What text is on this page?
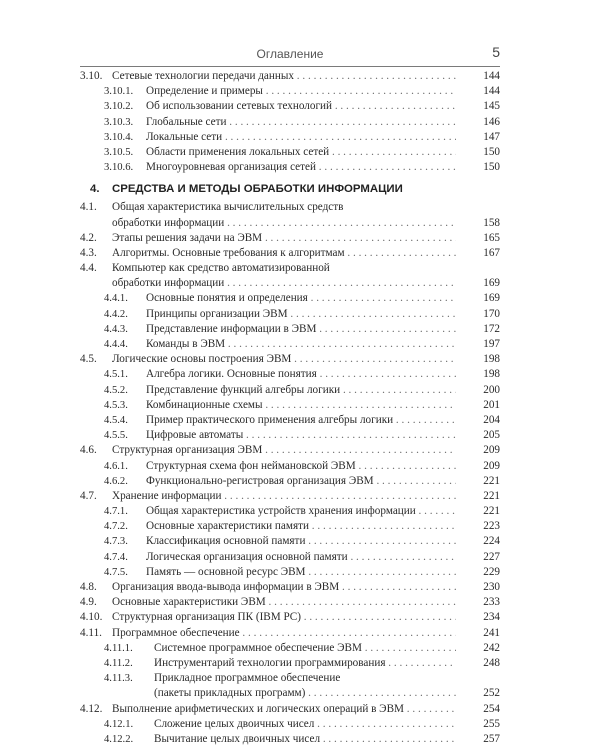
Оглавление	5
3.10. Сетевые технологии передачи данных . . .	144
3.10.1. Определение и примеры . . .	144
3.10.2. Об использовании сетевых технологий . . .	145
3.10.3. Глобальные сети . . .	146
3.10.4. Локальные сети . . .	147
3.10.5. Области применения локальных сетей . . .	150
3.10.6. Многоуровневая организация сетей . . .	150
4. СРЕДСТВА И МЕТОДЫ ОБРАБОТКИ ИНФОРМАЦИИ
4.1. Общая характеристика вычислительных средств
обработки информации . . .	158
4.2. Этапы решения задачи на ЭВМ . . .	165
4.3. Алгоритмы. Основные требования к алгоритмам . . .	167
4.4. Компьютер как средство автоматизированной
обработки информации . . .	169
4.4.1. Основные понятия и определения . . .	169
4.4.2. Принципы организации ЭВМ . . .	170
4.4.3. Представление информации в ЭВМ . . .	172
4.4.4. Команды в ЭВМ . . .	197
4.5. Логические основы построения ЭВМ . . .	198
4.5.1. Алгебра логики. Основные понятия . . .	198
4.5.2. Представление функций алгебры логики . . .	200
4.5.3. Комбинационные схемы . . .	201
4.5.4. Пример практического применения алгебры логики . . .	204
4.5.5. Цифровые автоматы . . .	205
4.6. Структурная организация ЭВМ . . .	209
4.6.1. Структурная схема фон неймановской ЭВМ . . .	209
4.6.2. Функционально-регистровая организация ЭВМ . . .	221
4.7. Хранение информации . . .	221
4.7.1. Общая характеристика устройств хранения информации . . .	221
4.7.2. Основные характеристики памяти . . .	223
4.7.3. Классификация основной памяти . . .	224
4.7.4. Логическая организация основной памяти . . .	227
4.7.5. Память — основной ресурс ЭВМ . . .	229
4.8. Организация ввода-вывода информации в ЭВМ . . .	230
4.9. Основные характеристики ЭВМ . . .	233
4.10. Структурная организация ПК (IBM PC) . . .	234
4.11. Программное обеспечение . . .	241
4.11.1. Системное программное обеспечение ЭВМ . . .	242
4.11.2. Инструментарий технологии программирования . . .	248
4.11.3. Прикладное программное обеспечение
(пакеты прикладных программ) . . .	252
4.12. Выполнение арифметических и логических операций в ЭВМ . . .	254
4.12.1. Сложение целых двоичных чисел . . .	255
4.12.2. Вычитание целых двоичных чисел . . .	257
